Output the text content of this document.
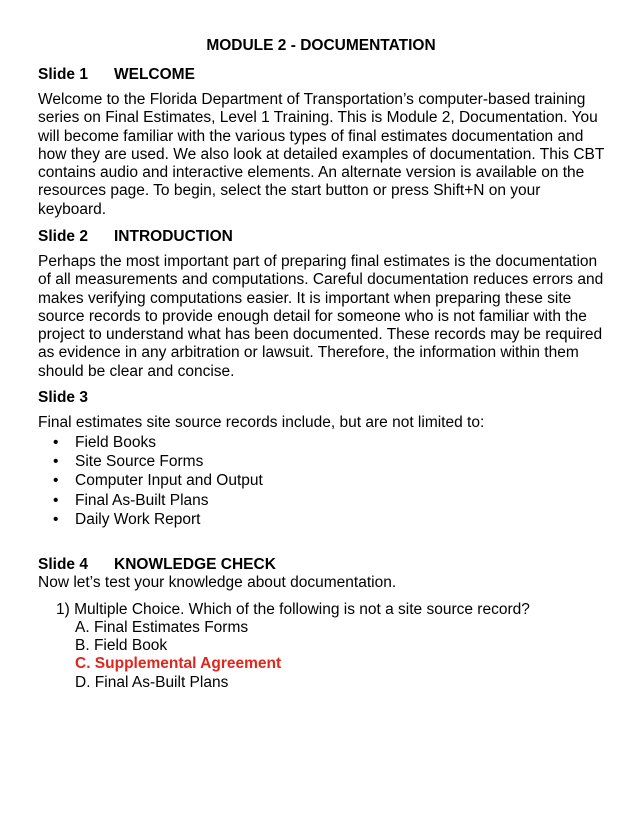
MODULE 2 - DOCUMENTATION
Slide 1 WELCOME
Welcome to the Florida Department of Transportation’s computer-based training series on Final Estimates, Level 1 Training. This is Module 2, Documentation. You will become familiar with the various types of final estimates documentation and how they are used. We also look at detailed examples of documentation. This CBT contains audio and interactive elements. An alternate version is available on the resources page. To begin, select the start button or press Shift+N on your keyboard.
Slide 2 INTRODUCTION
Perhaps the most important part of preparing final estimates is the documentation of all measurements and computations. Careful documentation reduces errors and makes verifying computations easier. It is important when preparing these site source records to provide enough detail for someone who is not familiar with the project to understand what has been documented. These records may be required as evidence in any arbitration or lawsuit. Therefore, the information within them should be clear and concise.
Slide 3
Final estimates site source records include, but are not limited to:
• Field Books
• Site Source Forms
• Computer Input and Output
• Final As-Built Plans
• Daily Work Report
Slide 4 KNOWLEDGE CHECK
Now let’s test your knowledge about documentation.
1) Multiple Choice. Which of the following is not a site source record?
A. Final Estimates Forms
B. Field Book
C. Supplemental Agreement
D. Final As-Built Plans
